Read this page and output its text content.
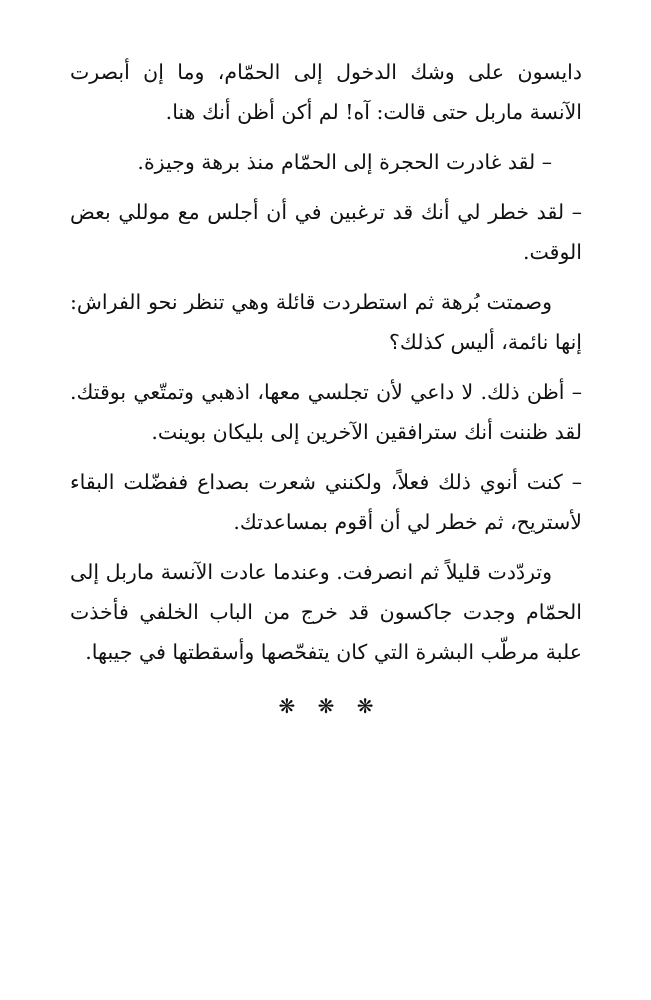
دايسون على وشك الدخول إلى الحمّام، وما إن أبصرت الآنسة ماربل حتى قالت: آه! لم أكن أظن أنك هنا.

– لقد غادرت الحجرة إلى الحمّام منذ برهة وجيزة.

– لقد خطر لي أنك قد ترغبين في أن أجلس مع موللي بعض الوقت.

وصمتت بُرهة ثم استطردت قائلة وهي تنظر نحو الفراش: إنها نائمة، أليس كذلك؟

– أظن ذلك. لا داعي لأن تجلسي معها، اذهبي وتمتّعي بوقتك. لقد ظننت أنك سترافقين الآخرين إلى بليكان بوينت.

– كنت أنوي ذلك فعلاً، ولكنني شعرت بصداع ففضّلت البقاء لأستريح، ثم خطر لي أن أقوم بمساعدتك.

وتردّدت قليلاً ثم انصرفت. وعندما عادت الآنسة ماربل إلى الحمّام وجدت جاكسون قد خرج من الباب الخلفي فأخذت علبة مرطّب البشرة التي كان يتفحّصها وأسقطتها في جيبها.

❋ ❋ ❋
